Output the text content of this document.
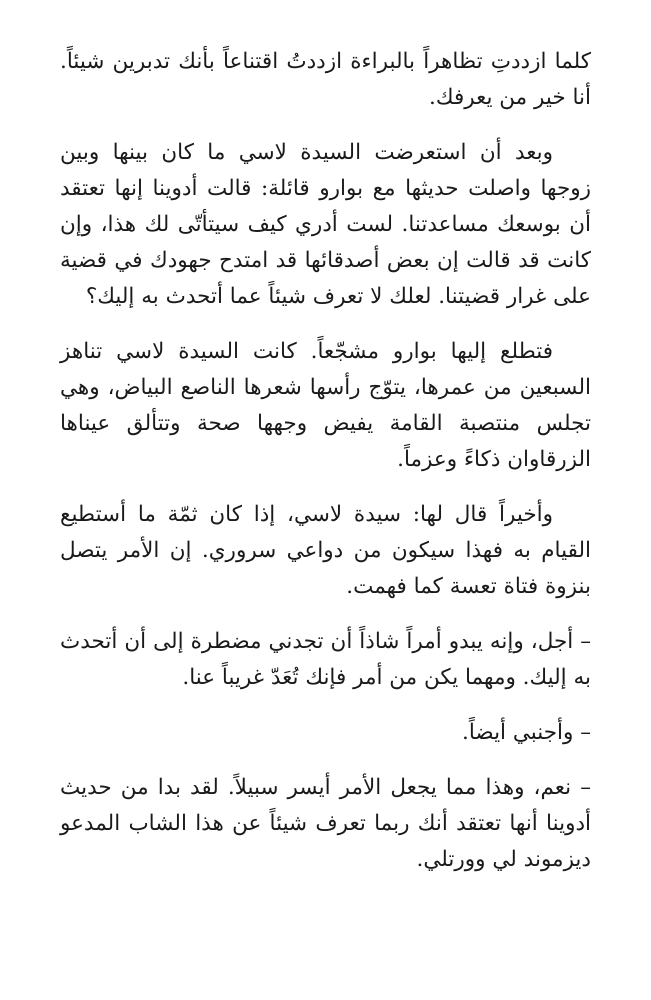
كلما ازددتِ تظاهراً بالبراءة ازددتُ اقتناعاً بأنك تدبرين شيئاً. أنا خير من يعرفك.

وبعد أن استعرضت السيدة لاسي ما كان بينها وبين زوجها واصلت حديثها مع بوارو قائلة: قالت أدوينا إنها تعتقد أن بوسعك مساعدتنا. لست أدري كيف سيتأتّى لك هذا، وإن كانت قد قالت إن بعض أصدقائها قد امتدح جهودك في قضية على غرار قضيتنا. لعلك لا تعرف شيئاً عما أتحدث به إليك؟

فتطلع إليها بوارو مشجّعاً. كانت السيدة لاسي تناهز السبعين من عمرها، يتوّج رأسها شعرها الناصع البياض، وهي تجلس منتصبة القامة يفيض وجهها صحة وتتألق عيناها الزرقاوان ذكاءً وعزماً.

وأخيراً قال لها: سيدة لاسي، إذا كان ثمّة ما أستطيع القيام به فهذا سيكون من دواعي سروري. إن الأمر يتصل بنزوة فتاة تعسة كما فهمت.

– أجل، وإنه يبدو أمراً شاذاً أن تجدني مضطرة إلى أن أتحدث به إليك. ومهما يكن من أمر فإنك تُعَدّ غريباً عنا.

– وأجنبي أيضاً.

– نعم، وهذا مما يجعل الأمر أيسر سبيلاً. لقد بدا من حديث أدوينا أنها تعتقد أنك ربما تعرف شيئاً عن هذا الشاب المدعو ديزموند لي وورتلي.
